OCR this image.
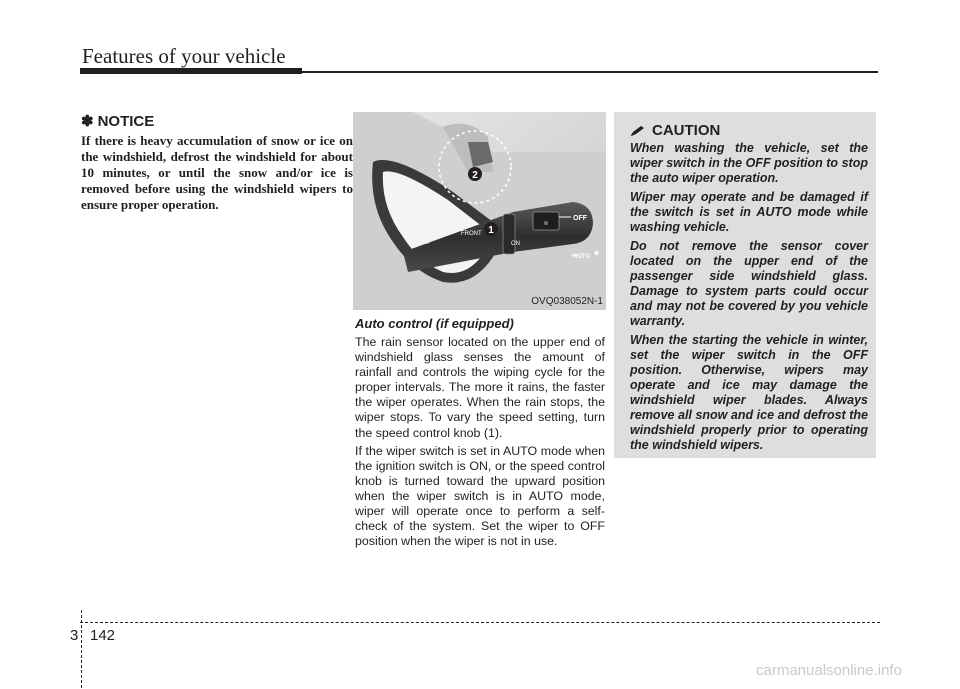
Features of your vehicle
✽ NOTICE
If there is heavy accumulation of snow or ice on the windshield, defrost the windshield for about 10 minutes, or until the snow and/or ice is removed before using the windshield wipers to ensure proper operation.
2
≋
FRONT
HI	ON
1
OFF
AUTO ✱
OVQ038052N-1
Auto control (if equipped)

The rain sensor located on the upper end of windshield glass senses the amount of rainfall and controls the wiping cycle for the proper intervals. The more it rains, the faster the wiper operates. When the rain stops, the wiper stops. To vary the speed setting, turn the speed control knob (1).

If the wiper switch is set in AUTO mode when the ignition switch is ON, or the speed control knob is turned toward the upward position when the wiper switch is in AUTO mode, wiper will operate once to perform a self-check of the system. Set the wiper to OFF position when the wiper is not in use.

CAUTION

When washing the vehicle, set the wiper switch in the OFF position to stop the auto wiper operation.

Wiper may operate and be damaged if the switch is set in AUTO mode while washing vehicle.

Do not remove the sensor cover located on the upper end of the passenger side windshield glass. Damage to system parts could occur and may not be covered by you vehicle warranty.

When the starting the vehicle in winter, set the wiper switch in the OFF position. Otherwise, wipers may operate and ice may damage the windshield wiper blades. Always remove all snow and ice and defrost the windshield properly prior to operating the windshield wipers.

3 142
carmanualsonline.info
